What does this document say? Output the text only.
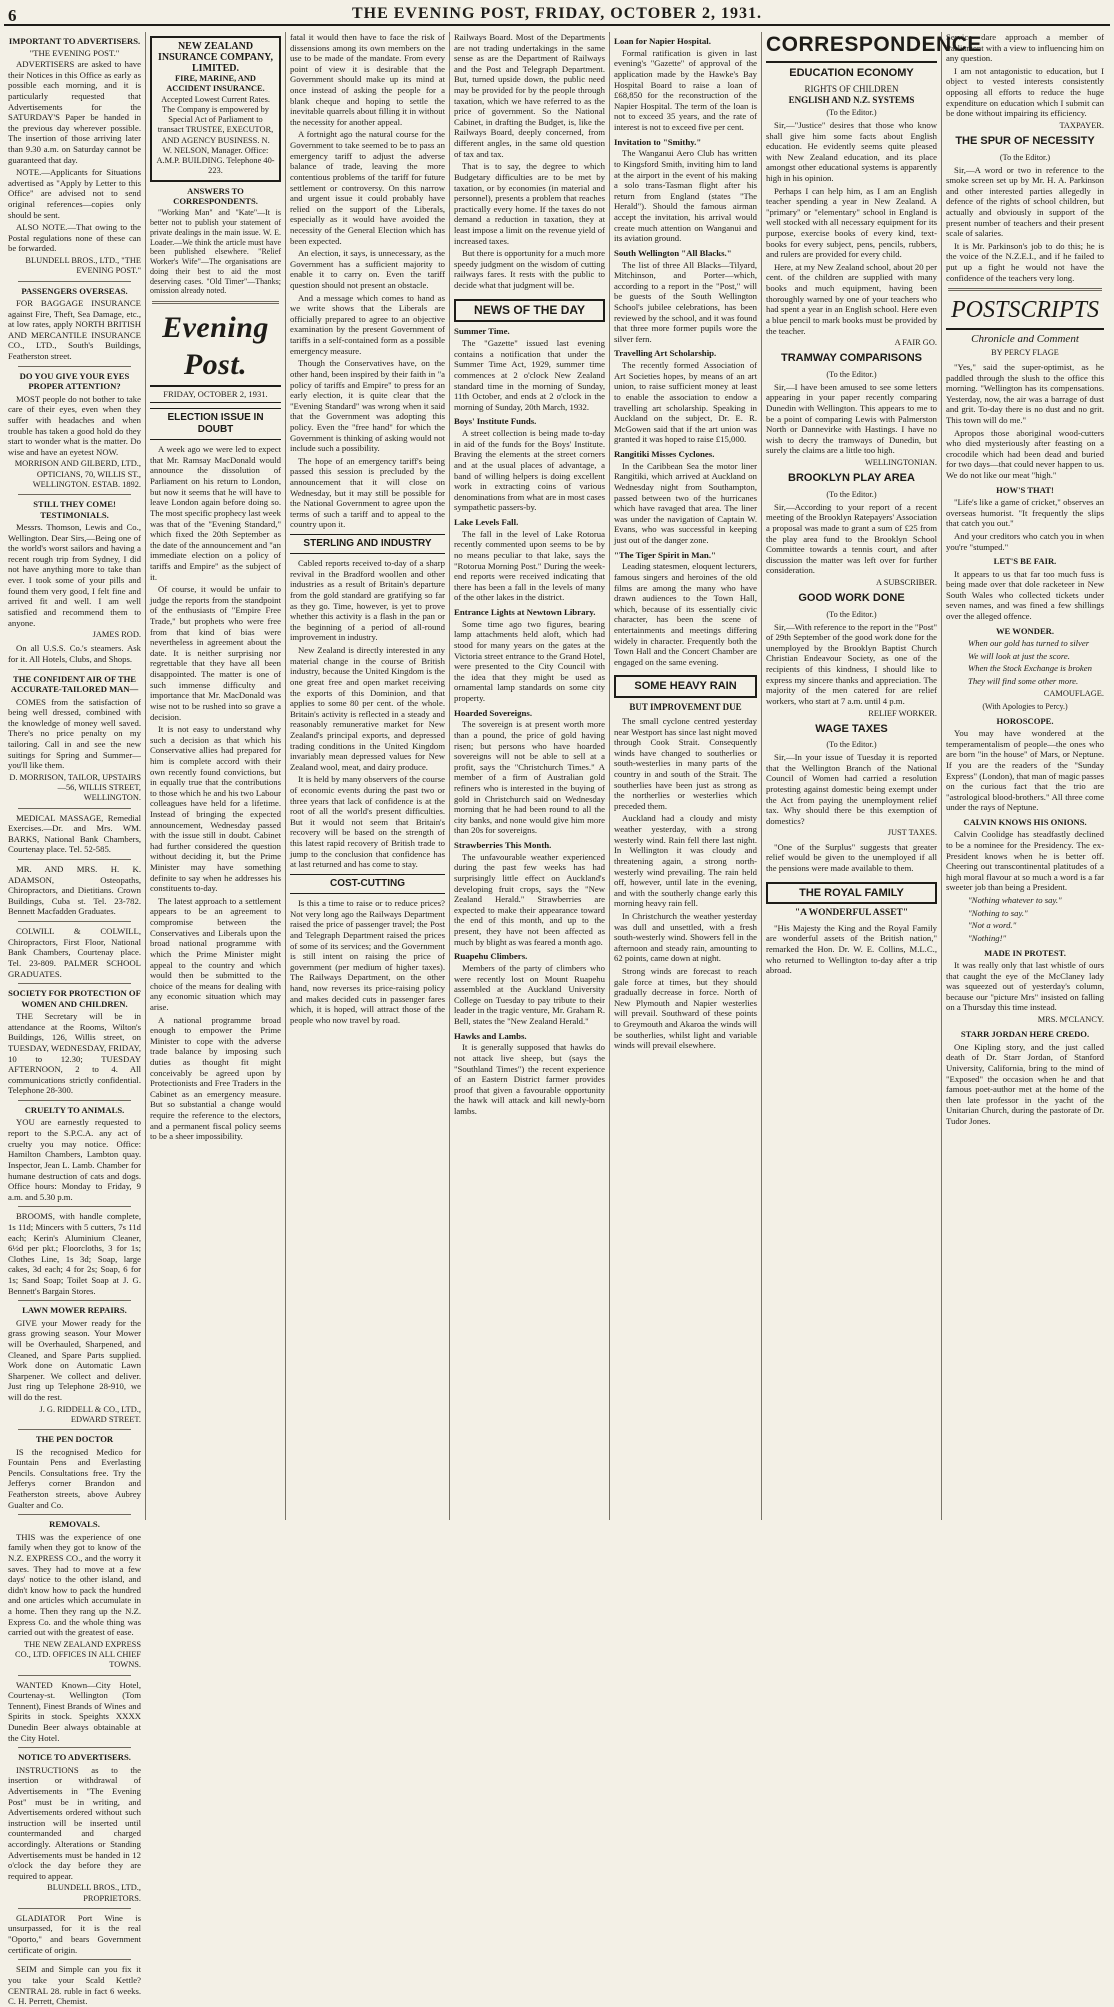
6	THE EVENING POST, FRIDAY, OCTOBER 2, 1931.
IMPORTANT TO ADVERTISERS.
"THE EVENING POST."

ADVERTISERS are asked to have their Notices in this Office as early as possible each morning, and it is particularly requested that Advertisements for the SATURDAY'S Paper be handed in the previous day wherever possible. The insertion of those arriving later than 9.30 a.m. on Saturday cannot be guaranteed that day.

NOTE.—Applicants for Situations advertised as "Apply by Letter to this Office" are advised not to send original references—copies only should be sent.

ALSO NOTE.—That owing to the Postal regulations none of these can be forwarded.

BLUNDELL BROS., LTD., "THE EVENING POST."
PASSENGERS OVERSEAS.

FOR BAGGAGE INSURANCE against Fire, Theft, Sea Damage, etc., at low rates, apply NORTH BRITISH AND MERCANTILE INSURANCE CO., LTD., South's Buildings, Featherston street.

DO YOU GIVE YOUR EYES PROPER ATTENTION?

MOST people do not bother to take care of their eyes, even when they suffer with headaches and when trouble has taken a good hold do they start to wonder what is the matter. Do wise and have an eyetest NOW.

MORRISON AND GILBERD, LTD., OPTICIANS, 70, WILLIS ST., WELLINGTON. ESTAB. 1892.
STILL THEY COME! TESTIMONIALS.

Messrs. Thomson, Lewis and Co., Wellington. Dear Sirs,—Being one of the world's worst sailors and having a recent rough trip from Sydney, I did not have anything more to take than ever. I took some of your pills and found them very good, I felt fine and arrived fit and well. I am well satisfied and recommend them to anyone.

JAMES ROD.

On all U.S.S. Co.'s steamers. Ask for it. All Hotels, Clubs, and Shops.

THE CONFIDENT AIR OF THE ACCURATE-TAILORED MAN—

COMES from the satisfaction of being well dressed, combined with the knowledge of money well saved. There's no price penalty on my tailoring. Call in and see the new suitings for Spring and Summer—you'll like them.

D. MORRISON, TAILOR, UPSTAIRS—56, WILLIS STREET, WELLINGTON.

MEDICAL MASSAGE, Remedial Exercises.—Dr. and Mrs. WM. BARKS, National Bank Chambers, Courtenay place. Tel. 52-585.

MR. AND MRS. H. K. ADAMSON, Osteopaths, Chiropractors, and Dietitians. Crown Buildings, Cuba st. Tel. 23-782. Bennett Macfadden Graduates.

COLWILL & COLWILL, Chiropractors, First Floor, National Bank Chambers, Courtenay place. Tel. 23-809. PALMER SCHOOL GRADUATES.

SOCIETY FOR PROTECTION OF WOMEN AND CHILDREN.

THE Secretary will be in attendance at the Rooms, Wilton's Buildings, 126, Willis street, on TUESDAY, WEDNESDAY, FRIDAY, 10 to 12.30; TUESDAY AFTERNOON, 2 to 4. All communications strictly confidential. Telephone 28-300.

CRUELTY TO ANIMALS.

YOU are earnestly requested to report to the S.P.C.A. any act of cruelty you may notice. Office: Hamilton Chambers, Lambton quay. Inspector, Jean L. Lamb. Chamber for humane destruction of cats and dogs. Office hours: Monday to Friday, 9 a.m. and 5.30 p.m.

BROOMS, with handle complete, 1s 11d; Mincers with 5 cutters, 7s 11d each; Kerin's Aluminium Cleaner, 6½d per pkt.; Floorcloths, 3 for 1s; Clothes Line, 1s 3d; Soap, large cakes, 3d each; 4 for 2s; Soap, 6 for 1s; Sand Soap; Toilet Soap at J. G. Bennett's Bargain Stores.

LAWN MOWER REPAIRS.

GIVE your Mower ready for the grass growing season. Your Mower will be Overhauled, Sharpened, and Cleaned, and Spare Parts supplied. Work done on Automatic Lawn Sharpener. We collect and deliver. Just ring up Telephone 28-910, we will do the rest.

J. G. RIDDELL & CO., LTD., EDWARD STREET.
THE PEN DOCTOR

IS the recognised Medico for Fountain Pens and Everlasting Pencils. Consultations free. Try the Jefferys corner Brandon and Featherston streets, above Aubrey Gualter and Co.

REMOVALS.

THIS was the experience of one family when they got to know of the N.Z. EXPRESS CO., and the worry it saves. They had to move at a few days' notice to the other island, and didn't know how to pack the hundred and one articles which accumulate in a home. Then they rang up the N.Z. Express Co. and the whole thing was carried out with the greatest of ease.

THE NEW ZEALAND EXPRESS CO., LTD. OFFICES IN ALL CHIEF TOWNS.

WANTED Known—City Hotel, Courtenay-st. Wellington (Tom Tennent), Finest Brands of Wines and Spirits in stock. Speights XXXX Dunedin Beer always obtainable at the City Hotel.

NOTICE TO ADVERTISERS.

INSTRUCTIONS as to the insertion or withdrawal of Advertisements in "The Evening Post" must be in writing, and Advertisements ordered without such instruction will be inserted until countermanded and charged accordingly. Alterations or Standing Advertisements must be handed in 12 o'clock the day before they are required to appear.

BLUNDELL BROS., LTD., PROPRIETORS.

GLADIATOR Port Wine is unsurpassed, for it is the real "Oporto," and bears Government certificate of origin.

SEIM and Simple can you fix it you take your Scald Kettle? CENTRAL 28. ruble in fact 6 weeks. C. H. Perrett, Chemist.

NEW ZEALAND INSURANCE COMPANY, LIMITED.
FIRE, MARINE, AND ACCIDENT INSURANCE.
Accepted Lowest Current Rates. The Company is empowered by Special Act of Parliament to transact TRUSTEE, EXECUTOR, AND AGENCY BUSINESS. N. W. NELSON, Manager. Office: A.M.P. BUILDING. Telephone 40-223.
ANSWERS TO CORRESPONDENTS.

"Working Man" and "Kate"—It is better not to publish your statement of private dealings in the main issue. W. E. Loader.—We think the article must have been published elsewhere. "Relief Worker's Wife"—The organisations are doing their best to aid the most deserving cases. "Old Timer"—Thanks; omission already noted.

Evening Post.
FRIDAY, OCTOBER 2, 1931.
ELECTION ISSUE IN DOUBT

A week ago we were led to expect that Mr. Ramsay MacDonald would announce the dissolution of Parliament on his return to London, but now it seems that he will have to leave London again before doing so. The most specific prophecy last week was that of the "Evening Standard," which fixed the 20th September as the date of the announcement and "an immediate election on a policy of tariffs and Empire" as the subject of it.

Of course, it would be unfair to judge the reports from the standpoint of the enthusiasts of "Empire Free Trade," but prophets who were free from that kind of bias were nevertheless in agreement about the date. It is neither surprising nor regrettable that they have all been disappointed. The matter is one of such immense difficulty and importance that Mr. MacDonald was wise not to be rushed into so grave a decision.

It is not easy to understand why such a decision as that which his Conservative allies had prepared for him is complete accord with their own recently found convictions, but in equally true that the contributions to those which he and his two Labour colleagues have held for a lifetime. Instead of bringing the expected announcement, Wednesday passed with the issue still in doubt. Cabinet had further considered the question without deciding it, but the Prime Minister may have something definite to say when he addresses his constituents to-day.

The latest approach to a settlement appears to be an agreement to compromise between the Conservatives and Liberals upon the broad national programme with which the Prime Minister might appeal to the country and which would then be submitted to the choice of the means for dealing with any economic situation which may arise.

A national programme broad enough to empower the Prime Minister to cope with the adverse trade balance by imposing such duties as thought fit might conceivably be agreed upon by Protectionists and Free Traders in the Cabinet as an emergency measure. But so substantial a change would require the reference to the electors, and a permanent fiscal policy seems to be a sheer impossibility.

fatal it would then have to face the risk of dissensions among its own members on the use to be made of the mandate. From every point of view it is desirable that the Government should make up its mind at once instead of asking the people for a blank cheque and hoping to settle the inevitable quarrels about filling it in without the necessity for another appeal.

A fortnight ago the natural course for the Government to take seemed to be to pass an emergency tariff to adjust the adverse balance of trade, leaving the more contentious problems of the tariff for future settlement or controversy. On this narrow and urgent issue it could probably have relied on the support of the Liberals, especially as it would have avoided the necessity of the General Election which has been expected.

An election, it says, is unnecessary, as the Government has a sufficient majority to enable it to carry on. Even the tariff question should not present an obstacle.

And a message which comes to hand as we write shows that the Liberals are officially prepared to agree to an objective examination by the present Government of tariffs in a self-contained form as a possible emergency measure.

Though the Conservatives have, on the other hand, been inspired by their faith in "a policy of tariffs and Empire" to press for an early election, it is quite clear that the "Evening Standard" was wrong when it said that the Government was adopting this policy. Even the "free hand" for which the Government is thinking of asking would not include such a possibility.

The hope of an emergency tariff's being passed this session is precluded by the announcement that it will close on Wednesday, but it may still be possible for the National Government to agree upon the terms of such a tariff and to appeal to the country upon it.

STERLING AND INDUSTRY

Cabled reports received to-day of a sharp revival in the Bradford woollen and other industries as a result of Britain's departure from the gold standard are gratifying so far as they go. Time, however, is yet to prove whether this activity is a flash in the pan or the beginning of a period of all-round improvement in industry.

New Zealand is directly interested in any material change in the course of British industry, because the United Kingdom is the one great free and open market receiving the exports of this Dominion, and that applies to some 80 per cent. of the whole. Britain's activity is reflected in a steady and reasonably remunerative market for New Zealand's principal exports, and depressed trading conditions in the United Kingdom invariably mean depressed values for New Zealand wool, meat, and dairy produce.

It is held by many observers of the course of economic events during the past two or three years that lack of confidence is at the root of all the world's present difficulties. But it would not seem that Britain's recovery will be based on the strength of this latest rapid recovery of British trade to jump to the conclusion that confidence has at last returned and has come to stay.

COST-CUTTING

Is this a time to raise or to reduce prices? Not very long ago the Railways Department raised the price of passenger travel; the Post and Telegraph Department raised the prices of some of its services; and the Government is still intent on raising the price of government (per medium of higher taxes). The Railways Department, on the other hand, now reverses its price-raising policy and makes decided cuts in passenger fares which, it is hoped, will attract those of the people who now travel by road.

Railways Board. Most of the Departments are not trading undertakings in the same sense as are the Department of Railways and the Post and Telegraph Department. But, turned upside down, the public need may be provided for by the people through taxation, which we have referred to as the price of government. So the National Cabinet, in drafting the Budget, is, like the Railways Board, deeply concerned, from different angles, in the same old question of tax and tax.

That is to say, the degree to which Budgetary difficulties are to be met by taxation, or by economies (in material and personnel), presents a problem that reaches practically every home. If the taxes do not demand a reduction in taxation, they at least impose a limit on the revenue yield of increased taxes.

But there is opportunity for a much more speedy judgment on the wisdom of cutting railways fares. It rests with the public to decide what that judgment will be.

NEWS OF THE DAY
Summer Time.

The "Gazette" issued last evening contains a notification that under the Summer Time Act, 1929, summer time commences at 2 o'clock New Zealand standard time in the morning of Sunday, 11th October, and ends at 2 o'clock in the morning of Sunday, 20th March, 1932.

Boys' Institute Funds.

A street collection is being made to-day in aid of the funds for the Boys' Institute. Braving the elements at the street corners and at the usual places of advantage, a band of willing helpers is doing excellent work in extracting coins of various denominations from what are in most cases sympathetic passers-by.

Lake Levels Fall.

The fall in the level of Lake Rotorua recently commented upon seems to be by no means peculiar to that lake, says the "Rotorua Morning Post." During the week-end reports were received indicating that there has been a fall in the levels of many of the other lakes in the district.

Entrance Lights at Newtown Library.

Some time ago two figures, bearing lamp attachments held aloft, which had stood for many years on the gates at the Victoria street entrance to the Grand Hotel, were presented to the City Council with the idea that they might be used as ornamental lamp standards on some city property.

Hoarded Sovereigns.

The sovereign is at present worth more than a pound, the price of gold having risen; but persons who have hoarded sovereigns will not be able to sell at a profit, says the "Christchurch Times." A member of a firm of Australian gold refiners who is interested in the buying of gold in Christchurch said on Wednesday morning that he had been round to all the city banks, and none would give him more than 20s for sovereigns.

Strawberries This Month.

The unfavourable weather experienced during the past few weeks has had surprisingly little effect on Auckland's developing fruit crops, says the "New Zealand Herald." Strawberries are expected to make their appearance toward the end of this month, and up to the present, they have not been affected as much by blight as was feared a month ago.

Ruapehu Climbers.

Members of the party of climbers who were recently lost on Mount Ruapehu assembled at the Auckland University College on Tuesday to pay tribute to their leader in the tragic venture, Mr. Graham R. Bell, states the "New Zealand Herald."

Hawks and Lambs.

It is generally supposed that hawks do not attack live sheep, but (says the "Southland Times") the recent experience of an Eastern District farmer provides proof that given a favourable opportunity the hawk will attack and kill newly-born lambs.

Loan for Napier Hospital.

Formal ratification is given in last evening's "Gazette" of approval of the application made by the Hawke's Bay Hospital Board to raise a loan of £68,850 for the reconstruction of the Napier Hospital. The term of the loan is not to exceed 35 years, and the rate of interest is not to exceed five per cent.

Invitation to "Smithy."

The Wanganui Aero Club has written to Kingsford Smith, inviting him to land at the airport in the event of his making a solo trans-Tasman flight after his return from England (states "The Herald"). Should the famous airman accept the invitation, his arrival would create much attention on Wanganui and its aviation ground.

South Wellington "All Blacks."

The list of three All Blacks—Tilyard, Mitchinson, and Porter—which, according to a report in the "Post," will be guests of the South Wellington School's jubilee celebrations, has been reviewed by the school, and it was found that three more former pupils wore the silver fern.

Travelling Art Scholarship.

The recently formed Association of Art Societies hopes, by means of an art union, to raise sufficient money at least to enable the association to endow a travelling art scholarship. Speaking in Auckland on the subject, Dr. E. R. McGowen said that if the art union was granted it was hoped to raise £15,000.

Rangitiki Misses Cyclones.

In the Caribbean Sea the motor liner Rangitiki, which arrived at Auckland on Wednesday night from Southampton, passed between two of the hurricanes which have ravaged that area. The liner was under the navigation of Captain W. Evans, who was successful in keeping just out of the danger zone.

"The Tiger Spirit in Man."

Leading statesmen, eloquent lecturers, famous singers and heroines of the old films are among the many who have drawn audiences to the Town Hall, which, because of its essentially civic character, has been the scene of entertainments and meetings differing widely in character. Frequently both the Town Hall and the Concert Chamber are engaged on the same evening.

SOME HEAVY RAIN
BUT IMPROVEMENT DUE

The small cyclone centred yesterday near Westport has since last night moved through Cook Strait. Consequently winds have changed to southerlies or south-westerlies in many parts of the country in and south of the Strait. The southerlies have been just as strong as the northerlies or westerlies which preceded them.

Auckland had a cloudy and misty weather yesterday, with a strong westerly wind. Rain fell there last night. In Wellington it was cloudy and threatening again, a strong north-westerly wind prevailing. The rain held off, however, until late in the evening, and with the southerly change early this morning heavy rain fell.

In Christchurch the weather yesterday was dull and unsettled, with a fresh south-westerly wind. Showers fell in the afternoon and steady rain, amounting to 62 points, came down at night.

Strong winds are forecast to reach gale force at times, but they should gradually decrease in force. North of New Plymouth and Napier westerlies will prevail. Southward of these points to Greymouth and Akaroa the winds will be southerlies, whilst light and variable winds will prevail elsewhere.

CORRESPONDENCE
EDUCATION ECONOMY
RIGHTS OF CHILDREN
ENGLISH AND N.Z. SYSTEMS
(To the Editor.)

Sir,—"Justice" desires that those who know shall give him some facts about English education. He evidently seems quite pleased with New Zealand education, and its place amongst other educational systems is apparently high in his opinion.

Perhaps I can help him, as I am an English teacher spending a year in New Zealand. A "primary" or "elementary" school in England is well stocked with all necessary equipment for its purpose, exercise books of every kind, text-books for every subject, pens, pencils, rubbers, and rulers are provided for every child.

Here, at my New Zealand school, about 20 per cent. of the children are supplied with many books and much equipment, having been thoroughly warned by one of your teachers who had spent a year in an English school. Here even a blue pencil to mark books must be provided by the teacher.

A FAIR GO.
TRAMWAY COMPARISONS
(To the Editor.)

Sir,—I have been amused to see some letters appearing in your paper recently comparing Dunedin with Wellington. This appears to me to be a point of comparing Lewis with Palmerston North or Dannevirke with Hastings. I have no wish to decry the tramways of Dunedin, but surely the claims are a little too high.

WELLINGTONIAN.
BROOKLYN PLAY AREA
(To the Editor.)

Sir,—According to your report of a recent meeting of the Brooklyn Ratepayers' Association a proposal was made to grant a sum of £25 from the play area fund to the Brooklyn School Committee towards a tennis court, and after discussion the matter was left over for further consideration.

A SUBSCRIBER.
GOOD WORK DONE
(To the Editor.)

Sir,—With reference to the report in the "Post" of 29th September of the good work done for the unemployed by the Brooklyn Baptist Church Christian Endeavour Society, as one of the recipients of this kindness, I should like to express my sincere thanks and appreciation. The majority of the men catered for are relief workers, who start at 7 a.m. until 4 p.m.

RELIEF WORKER.
WAGE TAXES
(To the Editor.)

Sir,—In your issue of Tuesday it is reported that the Wellington Branch of the National Council of Women had carried a resolution protesting against domestic being exempt under the Act from paying the unemployment relief tax. Why should there be this exemption of domestics?

JUST TAXES.

"One of the Surplus" suggests that greater relief would be given to the unemployed if all the pensions were made available to them.

THE ROYAL FAMILY
"A WONDERFUL ASSET"

"His Majesty the King and the Royal Family are wonderful assets of the British nation," remarked the Hon. Dr. W. E. Collins, M.L.C., who returned to Wellington to-day after a trip abroad.

Service dare approach a member of Parliament with a view to influencing him on any question.

I am not antagonistic to education, but I object to vested interests consistently opposing all efforts to reduce the huge expenditure on education which I submit can be done without impairing its efficiency.

TAXPAYER.
THE SPUR OF NECESSITY
(To the Editor.)

Sir,—A word or two in reference to the smoke screen set up by Mr. H. A. Parkinson and other interested parties allegedly in defence of the rights of school children, but actually and obviously in support of the present number of teachers and their present scale of salaries.

It is Mr. Parkinson's job to do this; he is the voice of the N.Z.E.I., and if he failed to put up a fight he would not have the confidence of the teachers very long.

POSTSCRIPTS
Chronicle and Comment
BY PERCY FLAGE

"Yes," said the super-optimist, as he paddled through the slush to the office this morning. "Wellington has its compensations. Yesterday, now, the air was a barrage of dust and grit. To-day there is no dust and no grit. This town will do me."

Apropos those aboriginal wood-cutters who died mysteriously after feasting on a crocodile which had been dead and buried for two days—that could never happen to us. We do not like our meat "high."

HOW'S THAT!

"Life's like a game of cricket," observes an overseas humorist. "It frequently the slips that catch you out."

And your creditors who catch you in when you're "stumped."

LET'S BE FAIR.

It appears to us that far too much fuss is being made over that dole racketeer in New South Wales who collected tickets under seven names, and was fined a few shillings over the alleged offence.

WE WONDER.

When our gold has turned to silver

We will look at just the score.

When the Stock Exchange is broken

They will find some other more.

CAMOUFLAGE.
(With Apologies to Percy.)
HOROSCOPE.

You may have wondered at the temperamentalism of people—the ones who are born "in the house" of Mars, or Neptune. If you are the readers of the "Sunday Express" (London), that man of magic passes on the curious fact that the trio are "astrological blood-brothers." All three come under the rays of Neptune.

CALVIN KNOWS HIS ONIONS.

Calvin Coolidge has steadfastly declined to be a nominee for the Presidency. The ex-President knows when he is better off. Cheering out transcontinental platitudes of a high moral flavour at so much a word is a far sweeter job than being a President.

"Nothing whatever to say."

"Nothing to say."

"Not a word."

"Nothing!"

MADE IN PROTEST.

It was really only that last whistle of ours that caught the eye of the McClaney lady was squeezed out of yesterday's column, because our "picture Mrs" insisted on falling on a Thursday this time instead.

MRS. M'CLANCY.
STARR JORDAN HERE CREDO.

One Kipling story, and the just called death of Dr. Starr Jordan, of Stanford University, California, bring to the mind of "Exposed" the occasion when he and that famous poet-author met at the home of the then late professor in the yacht of the Unitarian Church, during the pastorate of Dr. Tudor Jones.
